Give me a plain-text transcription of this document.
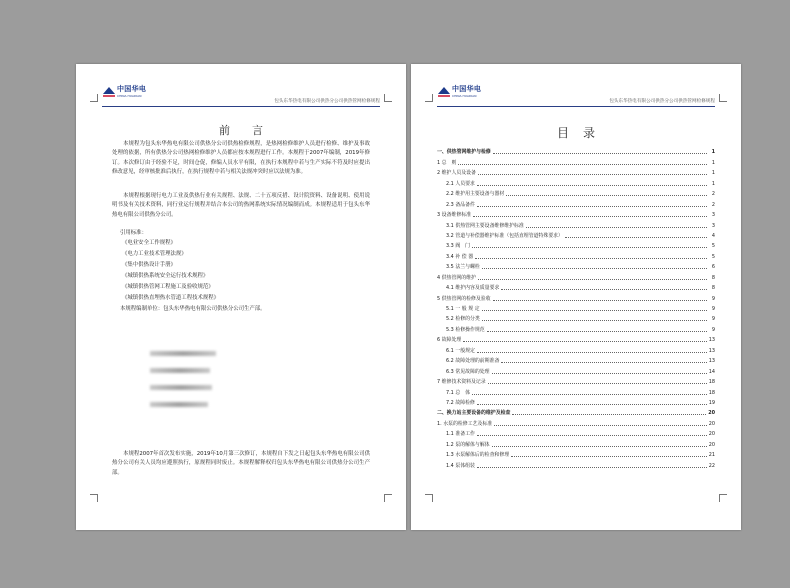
中国华电
CHINA HUADIAN
包头东华热电有限公司供热分公司供热管网检修规程
前言
本规程为包头东华热电有限公司供热分公司供热检修规程，是热网检修维护人员进行检修、维护及事故处理的依据，所有供热分公司热网检修维护人员都应按本规程进行工作。本规程于2007年编制，2019年修订。本次修订由于经验不足，时间仓促，修编人员水平有限，在执行本规程中若与生产实际不符及时应提出修改意见，经审核批准后执行，在执行规程中若与相关法规冲突时应以法规为准。
本规程根据现行电力工业及供热行业有关规程、法规、二十五项反措、设计院资料、设备说明、使用说明书及有关技术资料，同行业运行规程并结合本公司的热网系统实际情况编制而成。本规程适用于包头东华热电有限公司供热分公司。
引用标准：
《电业安全工作规程》
《电力工业技术管理法规》
《集中供热设计手册》
《城镇供热系统安全运行技术规程》
《城镇供热管网工程施工及验收规范》
《城镇供热直埋热水管道工程技术规程》
本规程编制单位：包头东华热电有限公司供热分公司生产部。
本规程2007年首次发布实施，2019年10月第三次修订，本规程自下发之日起包头东华热电有限公司供热分公司有关人员均应遵照执行，原规程同时废止。本规程解释权归包头东华热电有限公司供热分公司生产部。
中国华电
CHINA HUADIAN
包头东华热电有限公司供热分公司供热管网检修规程
目录
一、供热管网维护与检修	1
1 总　则	1
2 维护人员及设备	1
2.1 人员要求	1
2.2 维护用主要设备与器材	2
2.3 备品备件	2
3 设备维修标准	3
3.1 供热管网主要设备维修维护标准	3
3.2 管道与补偿器维护标准（包括直埋管道特殊要求）	4
3.3 阀　门	5
3.4 补 偿 器	5
3.5 法兰与螺栓	6
4 供热管网的维护	8
4.1 维护内容及质量要求	8
5 供热管网的检修及验收	9
5.1 一 般 规 定	9
5.2 检修的分类	9
5.3 检修操作规范	9
6 故障处理	13
6.1 一般规定	13
6.2 故障处理的前期准备	13
6.3 常见故障的处理	14
7 维修技术资料及记录	18
7.1 总　体	18
7.2 故障检修	19
二、换力站主要设备的维护及检查	20
1. 水泵的检修工艺及标准	20
1.1 准备工作	20
1.2 泵的解体与解体	20
1.3 水泵解体后的检查和修理	21
1.4 泵体组装	22
